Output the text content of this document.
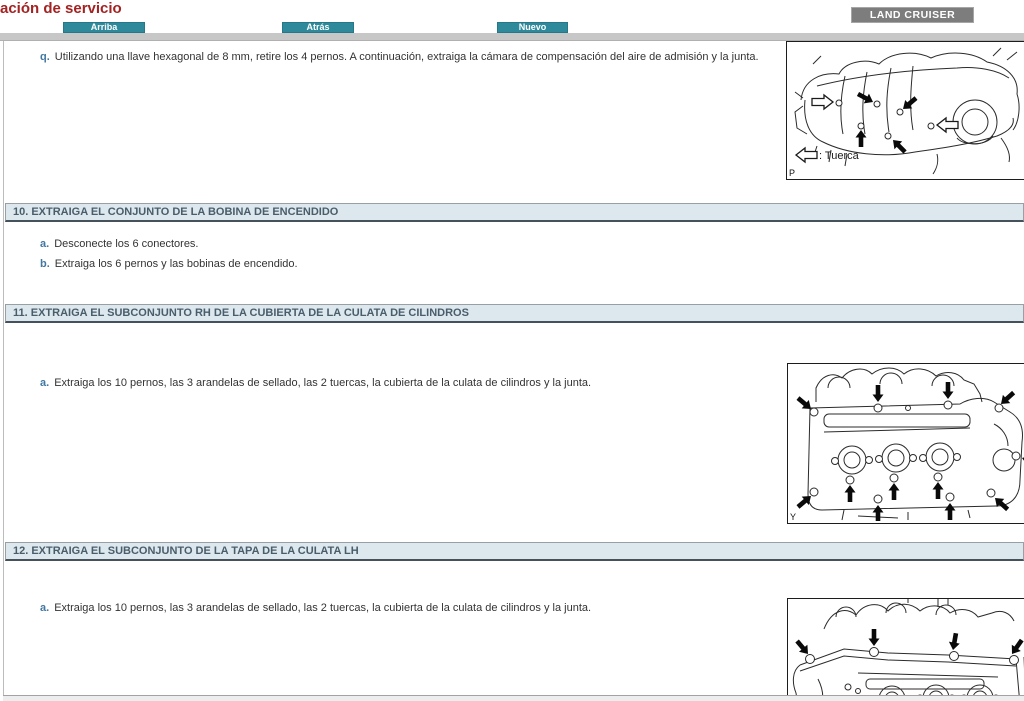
ación de servicio	LAND CRUISER
Arriba	Atrás	Nuevo
q. Utilizando una llave hexagonal de 8 mm, retire los 4 pernos. A continuación, extraiga la cámara de compensación del aire de admisión y la junta.
10. EXTRAIGA EL CONJUNTO DE LA BOBINA DE ENCENDIDO
a. Desconecte los 6 conectores.
b. Extraiga los 6 pernos y las bobinas de encendido.
11. EXTRAIGA EL SUBCONJUNTO RH DE LA CUBIERTA DE LA CULATA DE CILINDROS
a. Extraiga los 10 pernos, las 3 arandelas de sellado, las 2 tuercas, la cubierta de la culata de cilindros y la junta.
12. EXTRAIGA EL SUBCONJUNTO DE LA TAPA DE LA CULATA LH
a. Extraiga los 10 pernos, las 3 arandelas de sellado, las 2 tuercas, la cubierta de la culata de cilindros y la junta.
: Tuerca
P
Y
